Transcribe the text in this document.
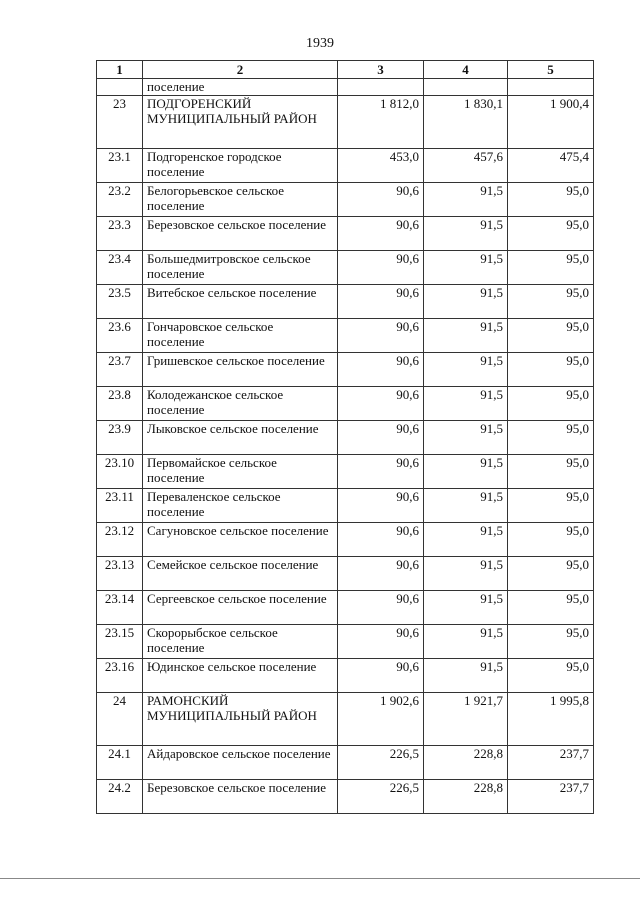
1939
1	2	3	4	5
	поселение			
23	ПОДГОРЕНСКИЙ МУНИЦИПАЛЬНЫЙ РАЙОН	1 812,0	1 830,1	1 900,4
23.1	Подгоренское городское поселение	453,0	457,6	475,4
23.2	Белогорьевское сельское поселение	90,6	91,5	95,0
23.3	Березовское сельское поселение	90,6	91,5	95,0
23.4	Большедмитровское сельское поселение	90,6	91,5	95,0
23.5	Витебское сельское поселение	90,6	91,5	95,0
23.6	Гончаровское сельское поселение	90,6	91,5	95,0
23.7	Гришевское сельское поселение	90,6	91,5	95,0
23.8	Колодежанское сельское поселение	90,6	91,5	95,0
23.9	Лыковское сельское поселение	90,6	91,5	95,0
23.10	Первомайское сельское поселение	90,6	91,5	95,0
23.11	Переваленское сельское поселение	90,6	91,5	95,0
23.12	Сагуновское сельское поселение	90,6	91,5	95,0
23.13	Семейское сельское поселение	90,6	91,5	95,0
23.14	Сергеевское сельское поселение	90,6	91,5	95,0
23.15	Скорорыбское сельское поселение	90,6	91,5	95,0
23.16	Юдинское сельское поселение	90,6	91,5	95,0
24	РАМОНСКИЙ МУНИЦИПАЛЬНЫЙ РАЙОН	1 902,6	1 921,7	1 995,8
24.1	Айдаровское сельское поселение	226,5	228,8	237,7
24.2	Березовское сельское поселение	226,5	228,8	237,7
